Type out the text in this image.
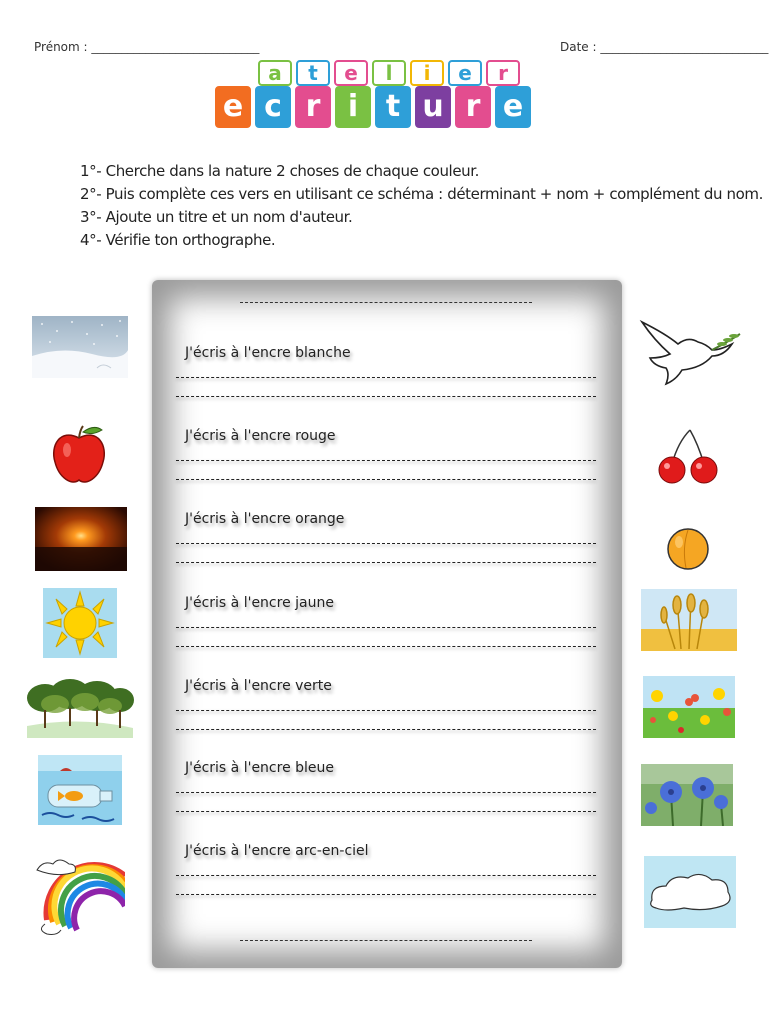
Prénom : ____________________________	Date : ____________________________
a	t	e	l	i	e	r
e c r i t u r e
1°- Cherche dans la nature 2 choses de chaque couleur.
2°- Puis complète ces vers en utilisant ce schéma : déterminant + nom + complément du nom.
3°- Ajoute un titre et un nom d'auteur.
4°- Vérifie ton orthographe.
J'écris à l'encre blanche
J'écris à l'encre rouge
J'écris à l'encre orange
J'écris à l'encre jaune
J'écris à l'encre verte
J'écris à l'encre bleue
J'écris à l'encre arc-en-ciel
